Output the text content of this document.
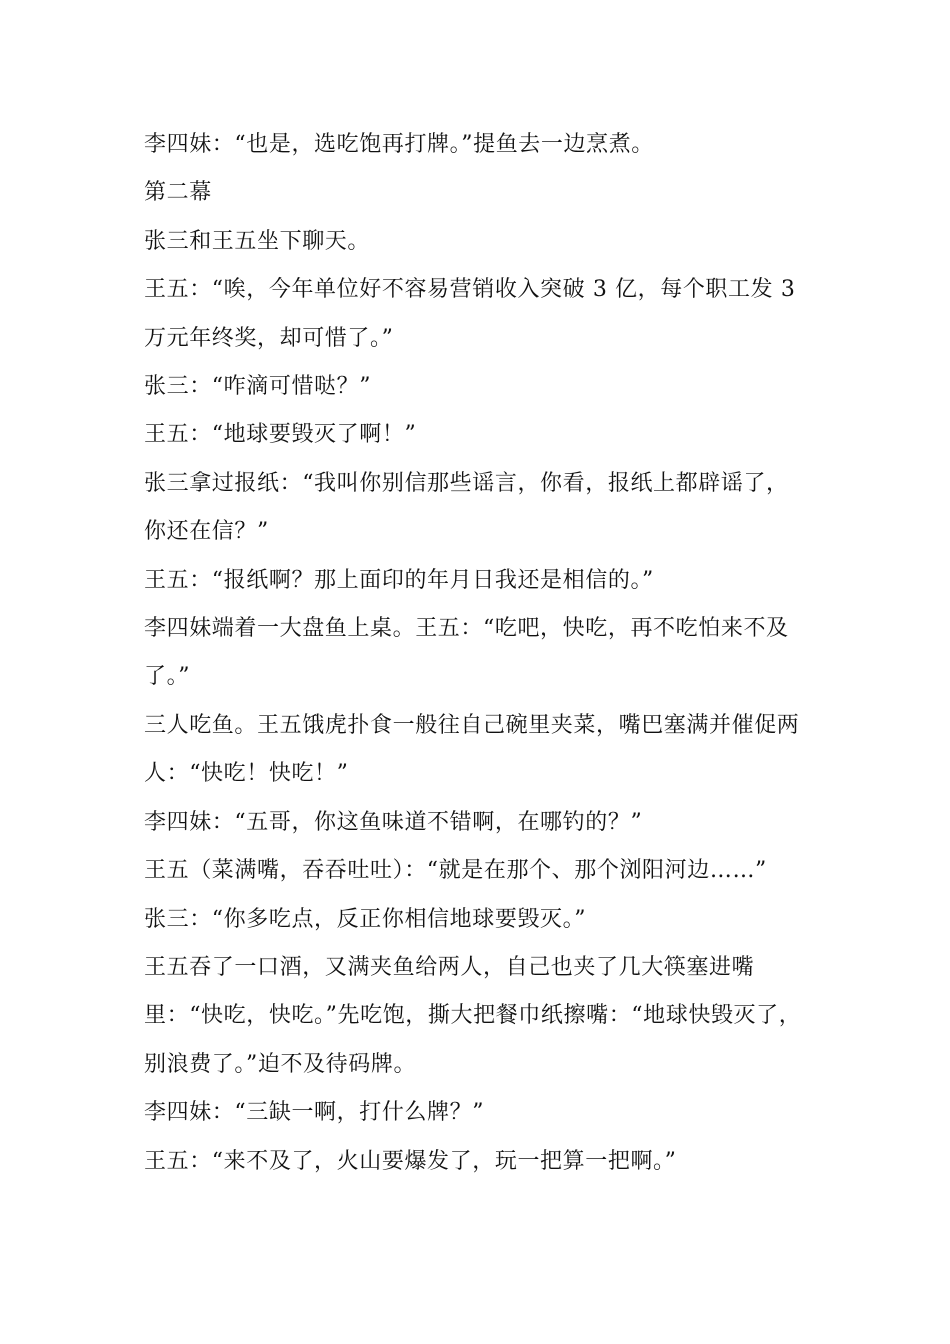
李四妹：“也是，选吃饱再打牌。”提鱼去一边烹煮。

第二幕

张三和王五坐下聊天。

王五：“唉，今年单位好不容易营销收入突破 3 亿，每个职工发 3 万元年终奖，却可惜了。”

张三：“咋滴可惜哒？”

王五：“地球要毁灭了啊！”

张三拿过报纸：“我叫你别信那些谣言，你看，报纸上都辟谣了，你还在信？”

王五：“报纸啊？那上面印的年月日我还是相信的。”

李四妹端着一大盘鱼上桌。王五：“吃吧，快吃，再不吃怕来不及了。”

三人吃鱼。王五饿虎扑食一般往自己碗里夹菜，嘴巴塞满并催促两人：“快吃！快吃！”

李四妹：“五哥，你这鱼味道不错啊，在哪钓的？”

王五（菜满嘴，吞吞吐吐）：“就是在那个、那个浏阳河边……”

张三：“你多吃点，反正你相信地球要毁灭。”

王五吞了一口酒，又满夹鱼给两人，自己也夹了几大筷塞进嘴里：“快吃，快吃。”先吃饱，撕大把餐巾纸擦嘴：“地球快毁灭了，别浪费了。”迫不及待码牌。

李四妹：“三缺一啊，打什么牌？”

王五：“来不及了，火山要爆发了，玩一把算一把啊。”
